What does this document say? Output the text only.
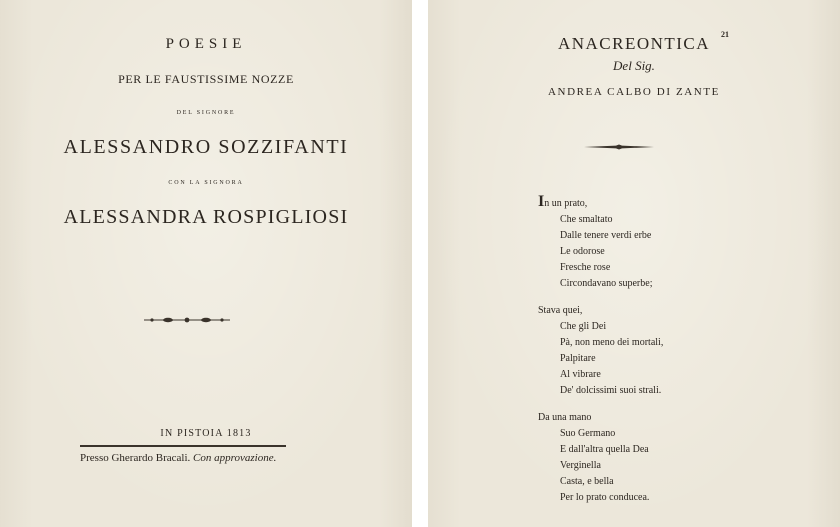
POESIE
PER LE FAUSTISSIME NOZZE
DEL SIGNORE
ALESSANDRO SOZZIFANTI
CON LA SIGNORA
ALESSANDRA ROSPIGLIOSI
IN PISTOIA 1813
Presso Gherardo Bracali. Con approvazione.
21
ANACREONTICA
Del Sig.
ANDREA CALBO DI ZANTE
In un prato,
Che smaltato
Dalle tenere verdi erbe
Le odorose
Fresche rose
Circondavano superbe;
Stava quei,
Che gli Dei
Pà, non meno dei mortali,
Palpitare
Al vibrare
De' dolcissimi suoi strali.
Da una mano
Suo Germano
E dall'altra quella Dea
Verginella
Casta, e bella
Per lo prato conducea.
